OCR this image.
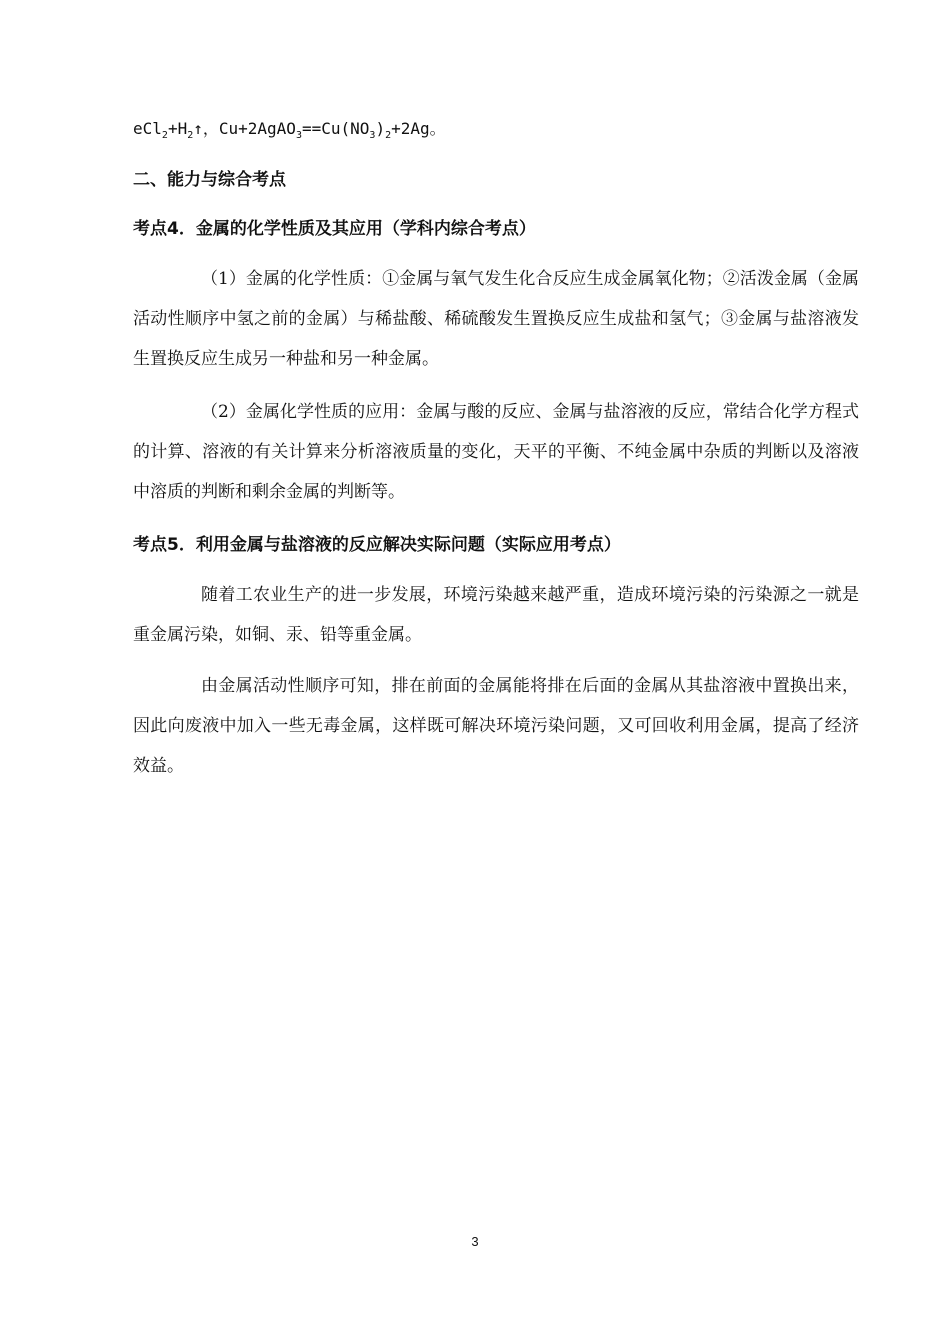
$eCl_2+H_2↑$，$Cu+2AgAO_3==Cu(NO_3)_2+2Ag$。
二、能力与综合考点
考点4．金属的化学性质及其应用（学科内综合考点）

（1）金属的化学性质：①金属与氧气发生化合反应生成金属氧化物；②活泼金属（金属活动性顺序中氢之前的金属）与稀盐酸、稀硫酸发生置换反应生成盐和氢气；③金属与盐溶液发生置换反应生成另一种盐和另一种金属。

（2）金属化学性质的应用：金属与酸的反应、金属与盐溶液的反应，常结合化学方程式的计算、溶液的有关计算来分析溶液质量的变化，天平的平衡、不纯金属中杂质的判断以及溶液中溶质的判断和剩余金属的判断等。

考点5．利用金属与盐溶液的反应解决实际问题（实际应用考点）

随着工农业生产的进一步发展，环境污染越来越严重，造成环境污染的污染源之一就是重金属污染，如铜、汞、铅等重金属。

由金属活动性顺序可知，排在前面的金属能将排在后面的金属从其盐溶液中置换出来，因此向废液中加入一些无毒金属，这样既可解决环境污染问题，又可回收利用金属，提高了经济效益。

3
